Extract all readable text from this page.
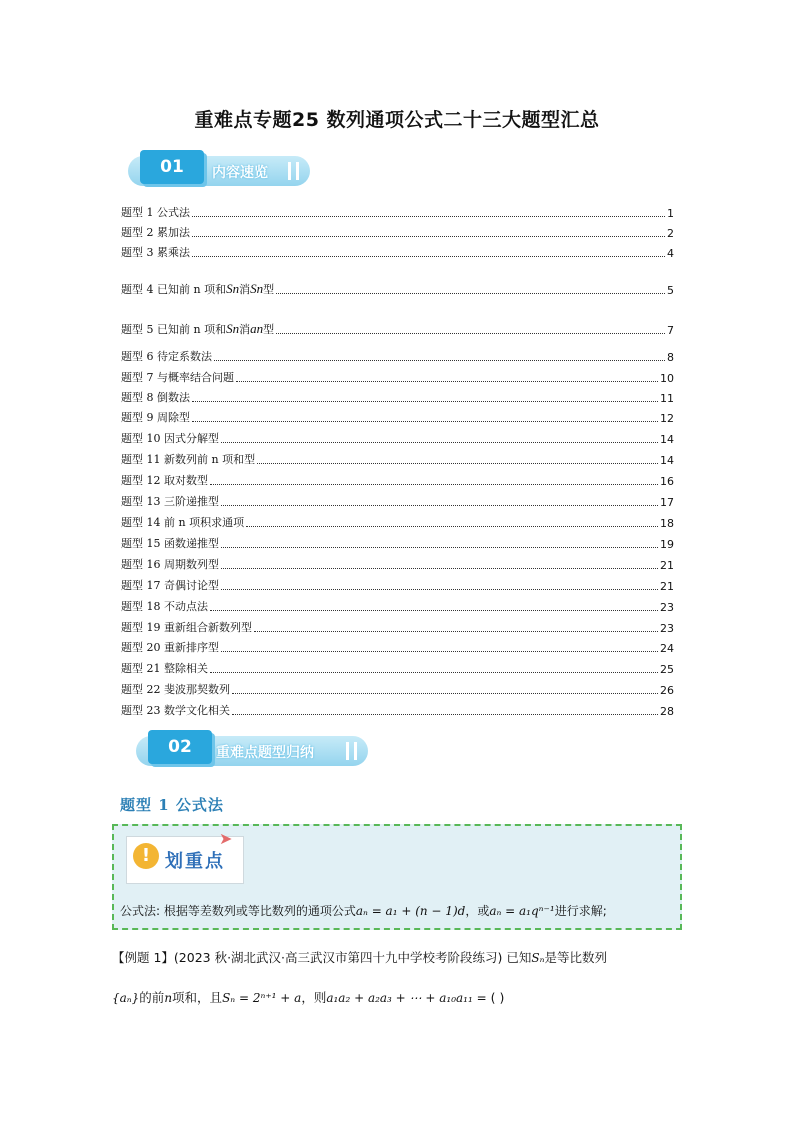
重难点专题25 数列通项公式二十三大题型汇总
01	内容速览
题型 1 公式法	1
题型 2 累加法	2
题型 3 累乘法	4
题型 4 已知前 n 项和Sn消Sn型	5
题型 5 已知前 n 项和Sn消an型	7
题型 6 待定系数法	8
题型 7 与概率结合问题	10
题型 8 倒数法	11
题型 9 周除型	12
题型 10 因式分解型	14
题型 11 新数列前 n 项和型	14
题型 12 取对数型	16
题型 13 三阶递推型	17
题型 14 前 n 项积求通项	18
题型 15 函数递推型	19
题型 16 周期数列型	21
题型 17 奇偶讨论型	21
题型 18 不动点法	23
题型 19 重新组合新数列型	23
题型 20 重新排序型	24
题型 21 整除相关	25
题型 22 斐波那契数列	26
题型 23 数学文化相关	28
02	重难点题型归纳
题型 1 公式法
! 划重点
➤
公式法: 根据等差数列或等比数列的通项公式aₙ = a₁ + (n − 1)d，或aₙ = a₁qⁿ⁻¹进行求解;
【例题 1】(2023 秋·湖北武汉·高三武汉市第四十九中学校考阶段练习) 已知Sₙ是等比数列
{aₙ}的前n项和，且Sₙ = 2ⁿ⁺¹ + a，则a₁a₂ + a₂a₃ + ⋯ + a₁₀a₁₁ = ( )
